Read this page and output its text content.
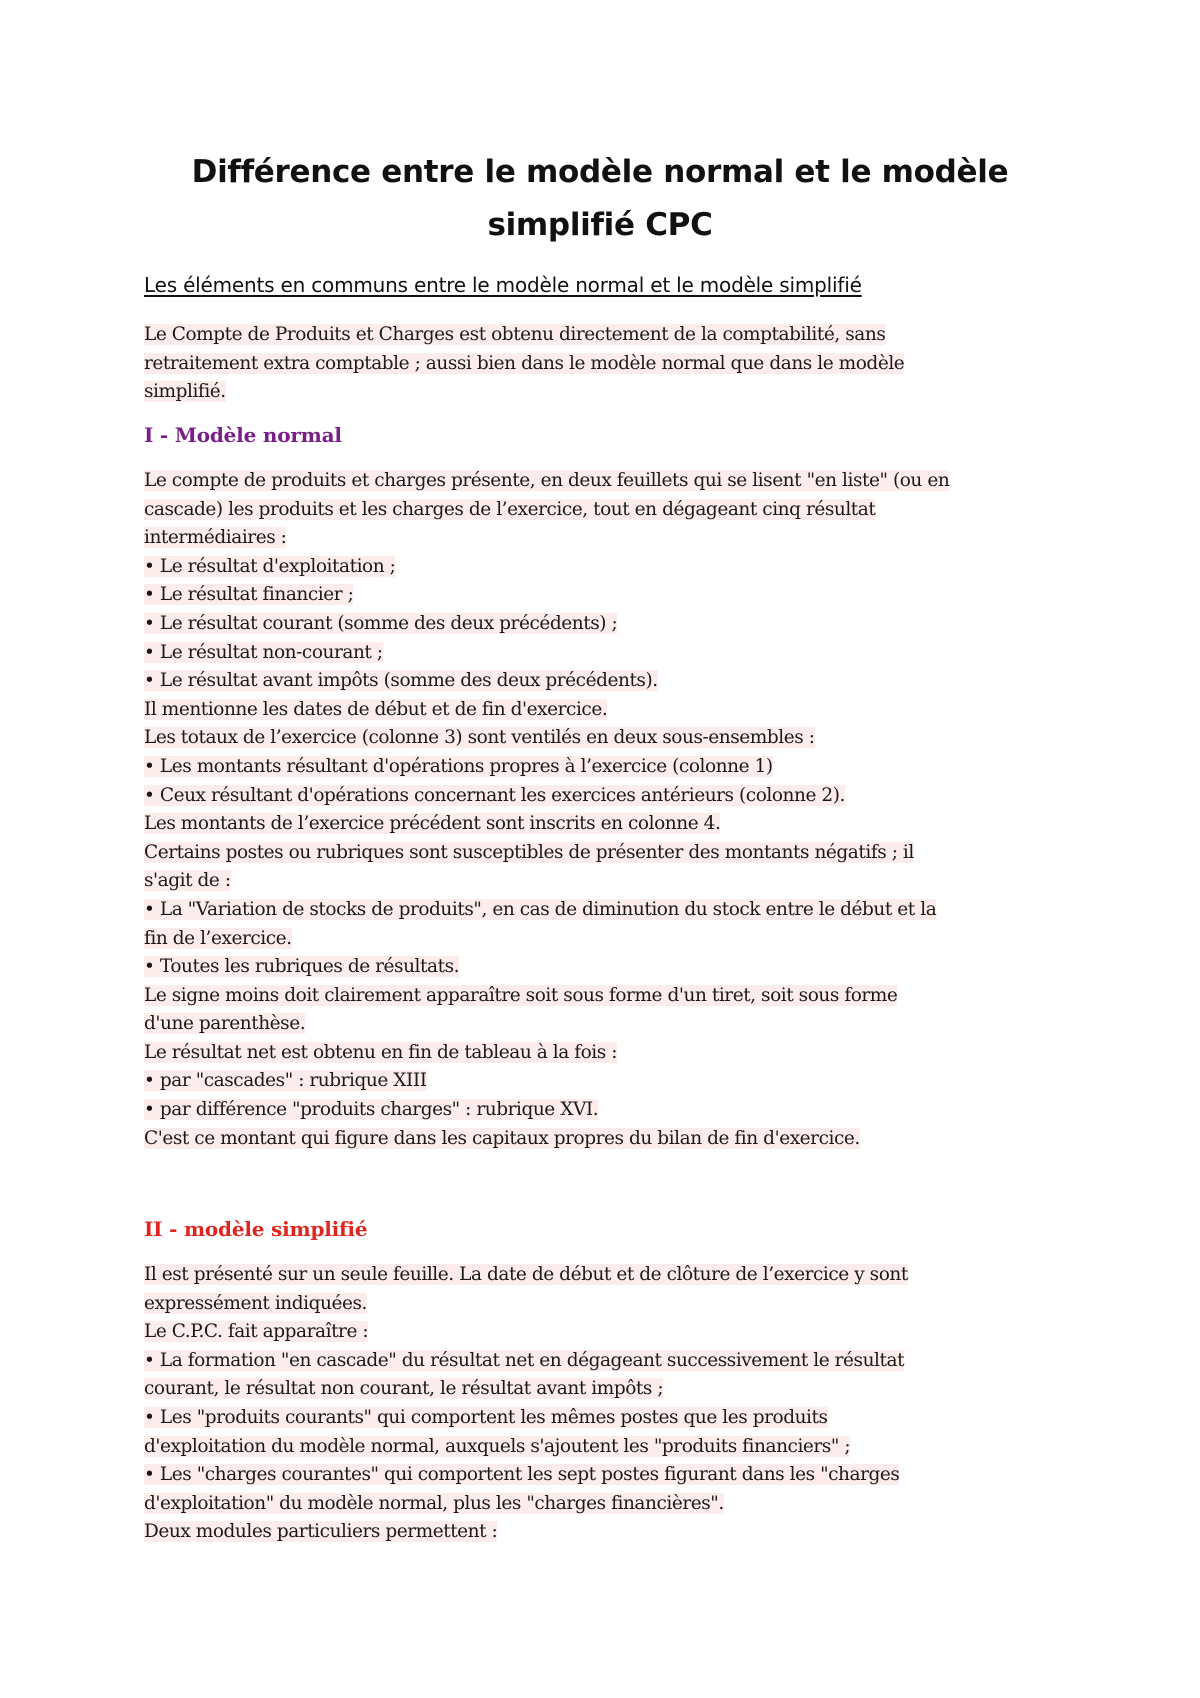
Différence entre le modèle normal et le modèle
simplifié CPC
Les éléments en communs entre le modèle normal et le modèle simplifié
Le Compte de Produits et Charges est obtenu directement de la comptabilité, sans
retraitement extra comptable ; aussi bien dans le modèle normal que dans le modèle
simplifié.
I - Modèle normal
Le compte de produits et charges présente, en deux feuillets qui se lisent "en liste" (ou en
cascade) les produits et les charges de l’exercice, tout en dégageant cinq résultat
intermédiaires :
• Le résultat d'exploitation ;
• Le résultat financier ;
• Le résultat courant (somme des deux précédents) ;
• Le résultat non-courant ;
• Le résultat avant impôts (somme des deux précédents).
Il mentionne les dates de début et de fin d'exercice.
Les totaux de l’exercice (colonne 3) sont ventilés en deux sous-ensembles :
• Les montants résultant d'opérations propres à l’exercice (colonne 1)
• Ceux résultant d'opérations concernant les exercices antérieurs (colonne 2).
Les montants de l’exercice précédent sont inscrits en colonne 4.
Certains postes ou rubriques sont susceptibles de présenter des montants négatifs ; il
s'agit de :
• La "Variation de stocks de produits", en cas de diminution du stock entre le début et la
fin de l’exercice.
• Toutes les rubriques de résultats.
Le signe moins doit clairement apparaître soit sous forme d'un tiret, soit sous forme
d'une parenthèse.
Le résultat net est obtenu en fin de tableau à la fois :
• par "cascades" : rubrique XIII
• par différence "produits charges" : rubrique XVI.
C'est ce montant qui figure dans les capitaux propres du bilan de fin d'exercice.
II - modèle simplifié
Il est présenté sur un seule feuille. La date de début et de clôture de l’exercice y sont
expressément indiquées.
Le C.P.C. fait apparaître :
• La formation "en cascade" du résultat net en dégageant successivement le résultat
courant, le résultat non courant, le résultat avant impôts ;
• Les "produits courants" qui comportent les mêmes postes que les produits
d'exploitation du modèle normal, auxquels s'ajoutent les "produits financiers" ;
• Les "charges courantes" qui comportent les sept postes figurant dans les "charges
d'exploitation" du modèle normal, plus les "charges financières".
Deux modules particuliers permettent :
